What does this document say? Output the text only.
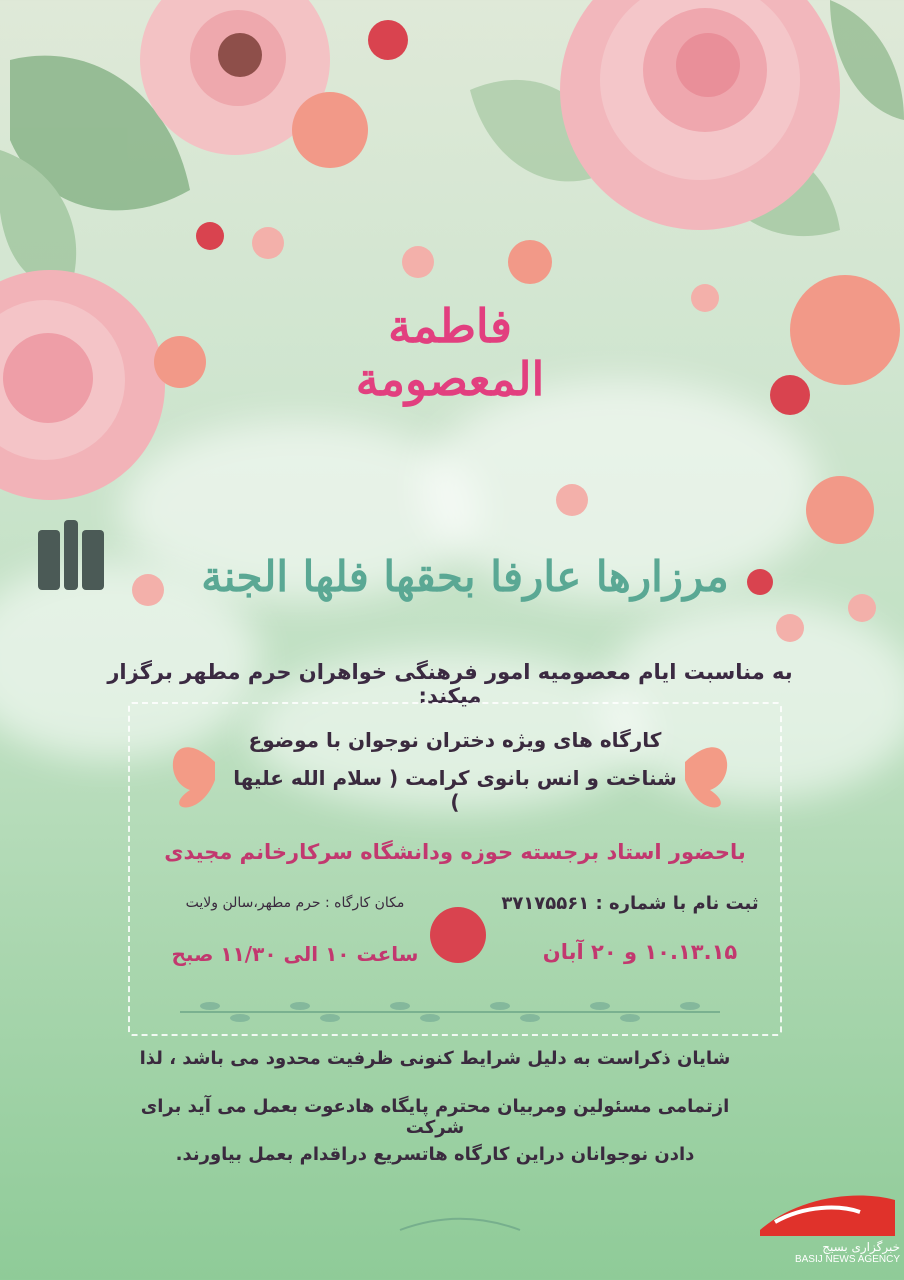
فاطمة المعصومة
مرزارها عارفا بحقها فلها الجنة
به مناسبت ایام معصومیه امور فرهنگی خواهران حرم مطهر برگزار میکند:
کارگاه های ویژه دختران نوجوان با موضوع
شناخت و انس بانوی کرامت ( سلام الله علیها )
باحضور استاد برجسته حوزه ودانشگاه سرکارخانم مجیدی
ثبت نام با شماره : ۳۷۱۷۵۵۶۱
مکان کارگاه : حرم مطهر،سالن ولایت
۱۰.۱۳.۱۵ و ۲۰ آبان
ساعت ۱۰ الی ۱۱/۳۰ صبح
شایان ذکراست به دلیل شرایط کنونی ظرفیت محدود می باشد ، لذا
ازتمامی مسئولین ومربیان محترم پایگاه هادعوت بعمل می آید برای شرکت
دادن نوجوانان دراین کارگاه هاتسریع دراقدام بعمل بیاورند.
خبرگزاری بسیج
BASIJ NEWS AGENCY
